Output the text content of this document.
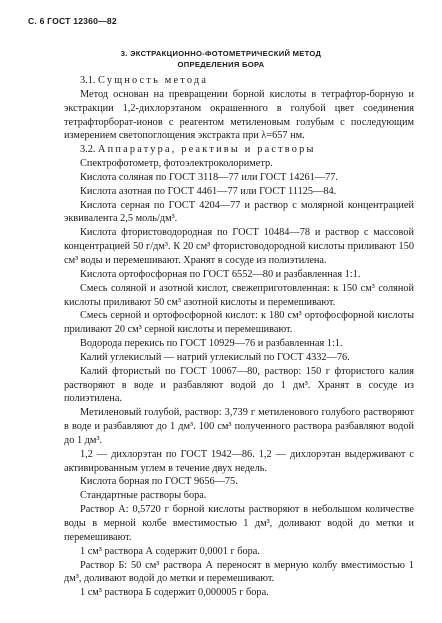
С. 6 ГОСТ 12360—82
3. ЭКСТРАКЦИОННО-ФОТОМЕТРИЧЕСКИЙ МЕТОД
ОПРЕДЕЛЕНИЯ БОРА

3.1. Сущность метода

Метод основан на превращении борной кислоты в тетрафтор-борную и экстракции 1,2-дихлорэтаном окрашенного в голубой цвет соединения тетрафторборат-ионов с реагентом метиленовым голубым с последующим измерением светопоглощения экстракта при λ=657 нм.

3.2. Аппаратура, реактивы и растворы

Спектрофотометр, фотоэлектроколориметр.

Кислота соляная по ГОСТ 3118—77 или ГОСТ 14261—77.

Кислота азотная по ГОСТ 4461—77 или ГОСТ 11125—84.

Кислота серная по ГОСТ 4204—77 и раствор с молярной концентрацией эквивалента 2,5 моль/дм³.

Кислота фтористоводородная по ГОСТ 10484—78 и раствор с массовой концентрацией 50 г/дм³. К 20 см³ фтористоводородной кислоты приливают 150 см³ воды и перемешивают. Хранят в сосуде из полиэтилена.

Кислота ортофосфорная по ГОСТ 6552—80 и разбавленная 1:1.

Смесь соляной и азотной кислот, свежеприготовленная: к 150 см³ соляной кислоты приливают 50 см³ азотной кислоты и перемешивают.

Смесь серной и ортофосфорной кислот: к 180 см³ ортофосфорной кислоты приливают 20 см³ серной кислоты и перемешивают.

Водорода перекись по ГОСТ 10929—76 и разбавленная 1:1.

Калий углекислый — натрий углекислый по ГОСТ 4332—76.

Калий фтористый по ГОСТ 10067—80, раствор: 150 г фтористого калия растворяют в воде и разбавляют водой до 1 дм³. Хранят в сосуде из полиэтилена.

Метиленовый голубой, раствор: 3,739 г метиленового голубого растворяют в воде и разбавляют до 1 дм³. 100 см³ полученного раствора разбавляют водой до 1 дм³.

1,2 — дихлорэтан по ГОСТ 1942—86. 1,2 — дихлорэтан выдерживают с активированным углем в течение двух недель.

Кислота борная по ГОСТ 9656—75.

Стандартные растворы бора.

Раствор А: 0,5720 г борной кислоты растворяют в небольшом количестве воды в мерной колбе вместимостью 1 дм³, доливают водой до метки и перемешивают.

1 см³ раствора А содержит 0,0001 г бора.

Раствор Б: 50 см³ раствора А переносят в мерную колбу вместимостью 1 дм³, доливают водой до метки и перемешивают.

1 см³ раствора Б содержит 0,000005 г бора.
